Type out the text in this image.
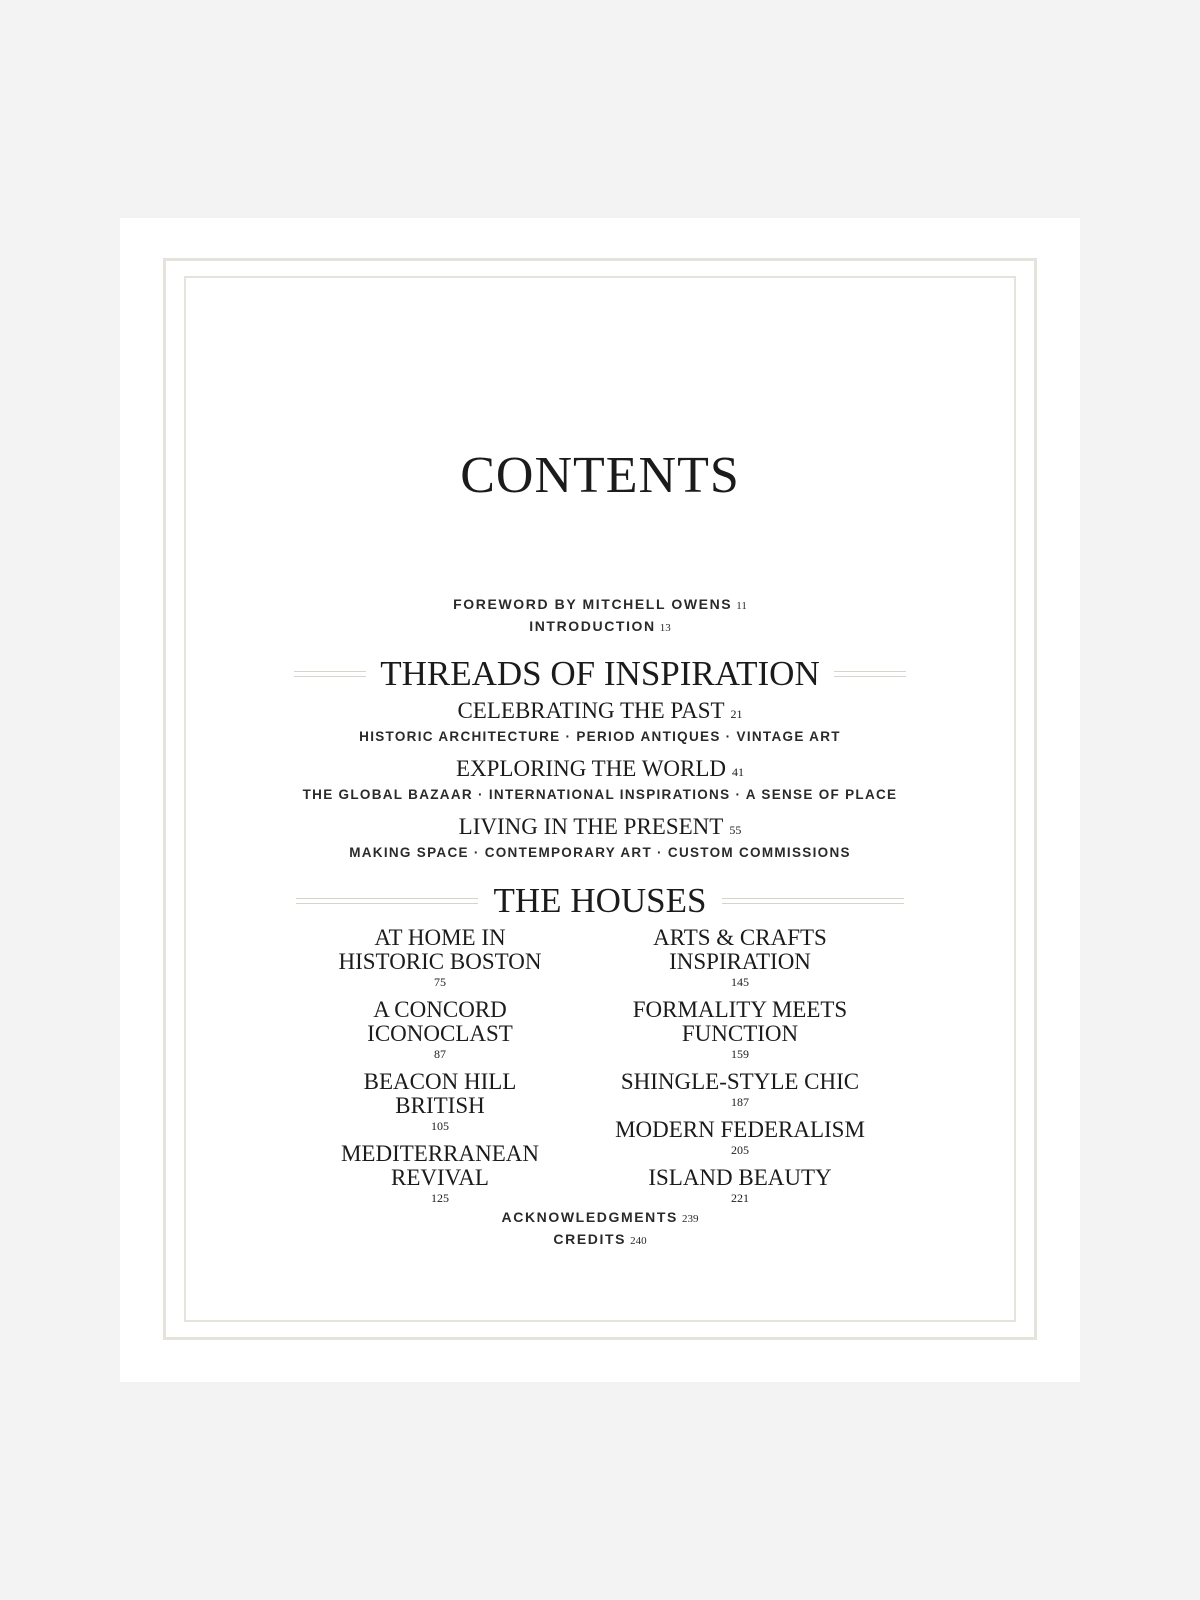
CONTENTS
FOREWORD BY MITCHELL OWENS 11
INTRODUCTION 13
THREADS OF INSPIRATION
CELEBRATING THE PAST 21
HISTORIC ARCHITECTURE · PERIOD ANTIQUES · VINTAGE ART
EXPLORING THE WORLD 41
THE GLOBAL BAZAAR · INTERNATIONAL INSPIRATIONS · A SENSE OF PLACE
LIVING IN THE PRESENT 55
MAKING SPACE · CONTEMPORARY ART · CUSTOM COMMISSIONS
THE HOUSES
AT HOME IN
HISTORIC BOSTON
75
A CONCORD
ICONOCLAST
87
BEACON HILL
BRITISH
105
MEDITERRANEAN
REVIVAL
125
ARTS & CRAFTS
INSPIRATION
145
FORMALITY MEETS
FUNCTION
159
SHINGLE-STYLE CHIC
187
MODERN FEDERALISM
205
ISLAND BEAUTY
221
ACKNOWLEDGMENTS 239
CREDITS 240
